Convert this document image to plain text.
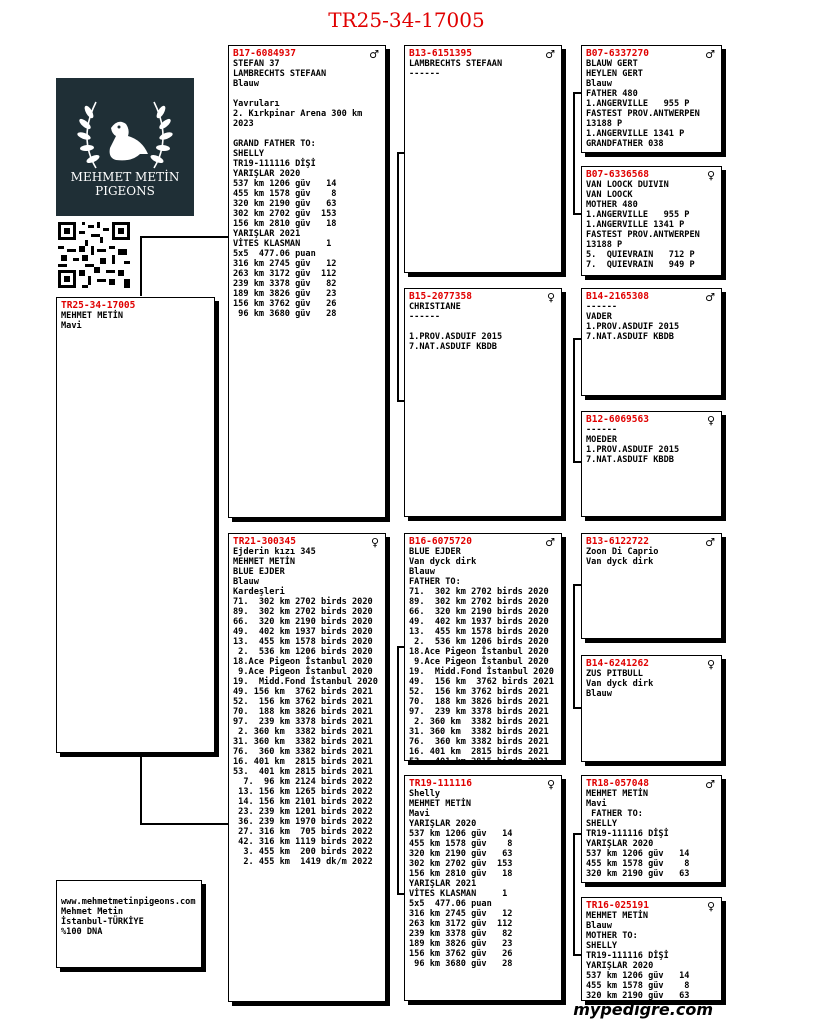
TR25-34-17005
MEHMET METİN
PIGEONS
TR25-34-17005
MEHMET METİN
Mavi
B17-6084937	♂
STEFAN 37
LAMBRECHTS STEFAAN
Blauw
Yavruları
2. Kırkpinar Arena 300 km
2023
GRAND FATHER TO:
SHELLY
TR19-111116 DİŞİ
YARIŞLAR 2020
537 km 1206 güv   14
455 km 1578 güv    8
320 km 2190 güv   63
302 km 2702 güv  153
156 km 2810 güv   18
YARIŞLAR 2021
VİTES KLASMAN     1
5x5  477.06 puan
316 km 2745 güv   12
263 km 3172 güv  112
239 km 3378 güv   82
189 km 3826 güv   23
156 km 3762 güv   26
96 km 3680 güv   28
TR21-300345	♀
Ejderin kızı 345
MEHMET METİN
BLUE EJDER
Blauw
Kardeşleri
71.  302 km 2702 birds 2020
89.  302 km 2702 birds 2020
66.  320 km 2190 birds 2020
49.  402 km 1937 birds 2020
13.  455 km 1578 birds 2020
2.  536 km 1206 birds 2020
18.Ace Pigeon İstanbul 2020
9.Ace Pigeon İstanbul 2020
19.  Midd.Fond İstanbul 2020
49. 156 km  3762 birds 2021
52.  156 km 3762 birds 2021
70.  188 km 3826 birds 2021
97.  239 km 3378 birds 2021
2. 360 km  3382 birds 2021
31. 360 km  3382 birds 2021
76.  360 km 3382 birds 2021
16. 401 km  2815 birds 2021
53.  401 km 2815 birds 2021
7.  96 km 2124 birds 2022
13. 156 km 1265 birds 2022
14. 156 km 2101 birds 2022
23. 239 km 1201 birds 2022
36. 239 km 1970 birds 2022
27. 316 km  705 birds 2022
42. 316 km 1119 birds 2022
3. 455 km  200 birds 2022
2. 455 km  1419 dk/m 2022
B13-6151395	♂
LAMBRECHTS STEFAAN
------
B15-2077358	♀
CHRISTIANE
------
1.PROV.ASDUIF 2015
7.NAT.ASDUIF KBDB
B16-6075720	♂
BLUE EJDER
Van dyck dirk
Blauw
FATHER TO:
71.  302 km 2702 birds 2020
89.  302 km 2702 birds 2020
66.  320 km 2190 birds 2020
49.  402 km 1937 birds 2020
13.  455 km 1578 birds 2020
2.  536 km 1206 birds 2020
18.Ace Pigeon İstanbul 2020
9.Ace Pigeon İstanbul 2020
19.  Midd.Fond İstanbul 2020
49.  156 km  3762 birds 2021
52.  156 km 3762 birds 2021
70.  188 km 3826 birds 2021
97.  239 km 3378 birds 2021
2. 360 km  3382 birds 2021
31. 360 km  3382 birds 2021
76.  360 km 3382 birds 2021
16. 401 km  2815 birds 2021
53.  401 km 2815 birds 2021
TR19-111116	♀
Shelly
MEHMET METİN
Mavi
YARIŞLAR 2020
537 km 1206 güv   14
455 km 1578 güv    8
320 km 2190 güv   63
302 km 2702 güv  153
156 km 2810 güv   18
YARIŞLAR 2021
VİTES KLASMAN     1
5x5  477.06 puan
316 km 2745 güv   12
263 km 3172 güv  112
239 km 3378 güv   82
189 km 3826 güv   23
156 km 3762 güv   26
96 km 3680 güv   28
B07-6337270	♂
BLAUW GERT
HEYLEN GERT
Blauw
FATHER 480
1.ANGERVILLE   955 P
FASTEST PROV.ANTWERPEN
13188 P
1.ANGERVILLE 1341 P
GRANDFATHER 038
B07-6336568	♀
VAN LOOCK DUIVIN
VAN LOOCK
MOTHER 480
1.ANGERVILLE   955 P
1.ANGERVILLE 1341 P
FASTEST PROV.ANTWERPEN
13188 P
5.  QUIEVRAIN   712 P
7.  QUIEVRAIN   949 P
B14-2165308	♂
------
VADER
1.PROV.ASDUIF 2015
7.NAT.ASDUIF KBDB
B12-6069563	♀
------
MOEDER
1.PROV.ASDUIF 2015
7.NAT.ASDUIF KBDB
B13-6122722	♂
Zoon Di Caprio
Van dyck dirk
B14-6241262	♀
ZUS PITBULL
Van dyck dirk
Blauw
TR18-057048	♂
MEHMET METİN
Mavi
FATHER TO:
SHELLY
TR19-111116 DİŞİ
YARIŞLAR 2020
537 km 1206 güv   14
455 km 1578 güv    8
320 km 2190 güv   63
TR16-025191	♀
MEHMET METİN
Blauw
MOTHER TO:
SHELLY
TR19-111116 DİŞİ
YARIŞLAR 2020
537 km 1206 güv   14
455 km 1578 güv    8
320 km 2190 güv   63
www.mehmetmetinpigeons.com
Mehmet Metin
İstanbul-TÜRKİYE
%100 DNA
mypedigre.com
